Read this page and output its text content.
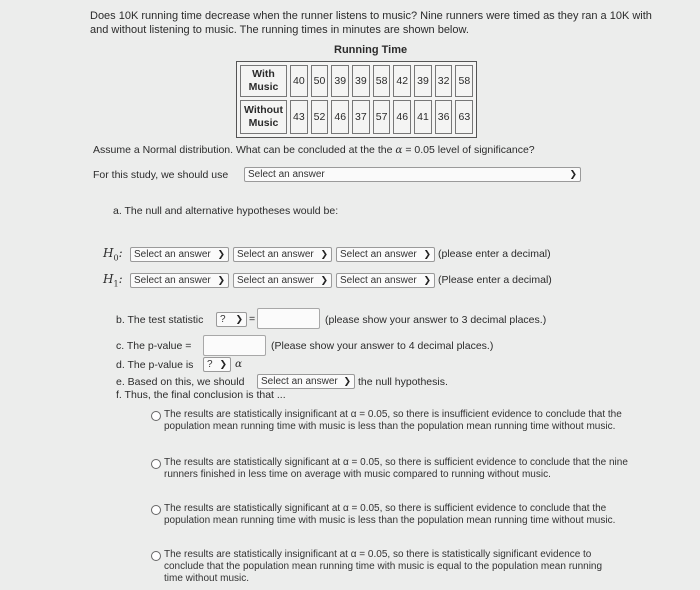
Does 10K running time decrease when the runner listens to music? Nine runners were timed as they ran a 10K with and without listening to music. The running times in minutes are shown below.
Running Time
With
Music	40	50	39	39	58	42	39	32	58
Without
Music	43	52	46	37	57	46	41	36	63
Assume a Normal distribution. What can be concluded at the the α = 0.05 level of significance?
For this study, we should use Select an answer	❯
a. The null and alternative hypotheses would be:
$H_0$: Select an answer ❯ Select an answer ❯ Select an answer ❯ (please enter a decimal)
$H_1$: Select an answer ❯ Select an answer ❯ Select an answer ❯ (Please enter a decimal)
b. The test statistic ? ❯ =	(please show your answer to 3 decimal places.)
c. The p-value =	(Please show your answer to 4 decimal places.)
d. The p-value is ? ❯ α
e. Based on this, we should Select an answer ❯ the null hypothesis.
f. Thus, the final conclusion is that ...
The results are statistically insignificant at α = 0.05, so there is insufficient evidence to conclude that the population mean running time with music is less than the population mean running time without music.
The results are statistically significant at α = 0.05, so there is sufficient evidence to conclude that the nine runners finished in less time on average with music compared to running without music.
The results are statistically significant at α = 0.05, so there is sufficient evidence to conclude that the population mean running time with music is less than the population mean running time without music.
The results are statistically insignificant at α = 0.05, so there is statistically significant evidence to conclude that the population mean running time with music is equal to the population mean running time without music.
